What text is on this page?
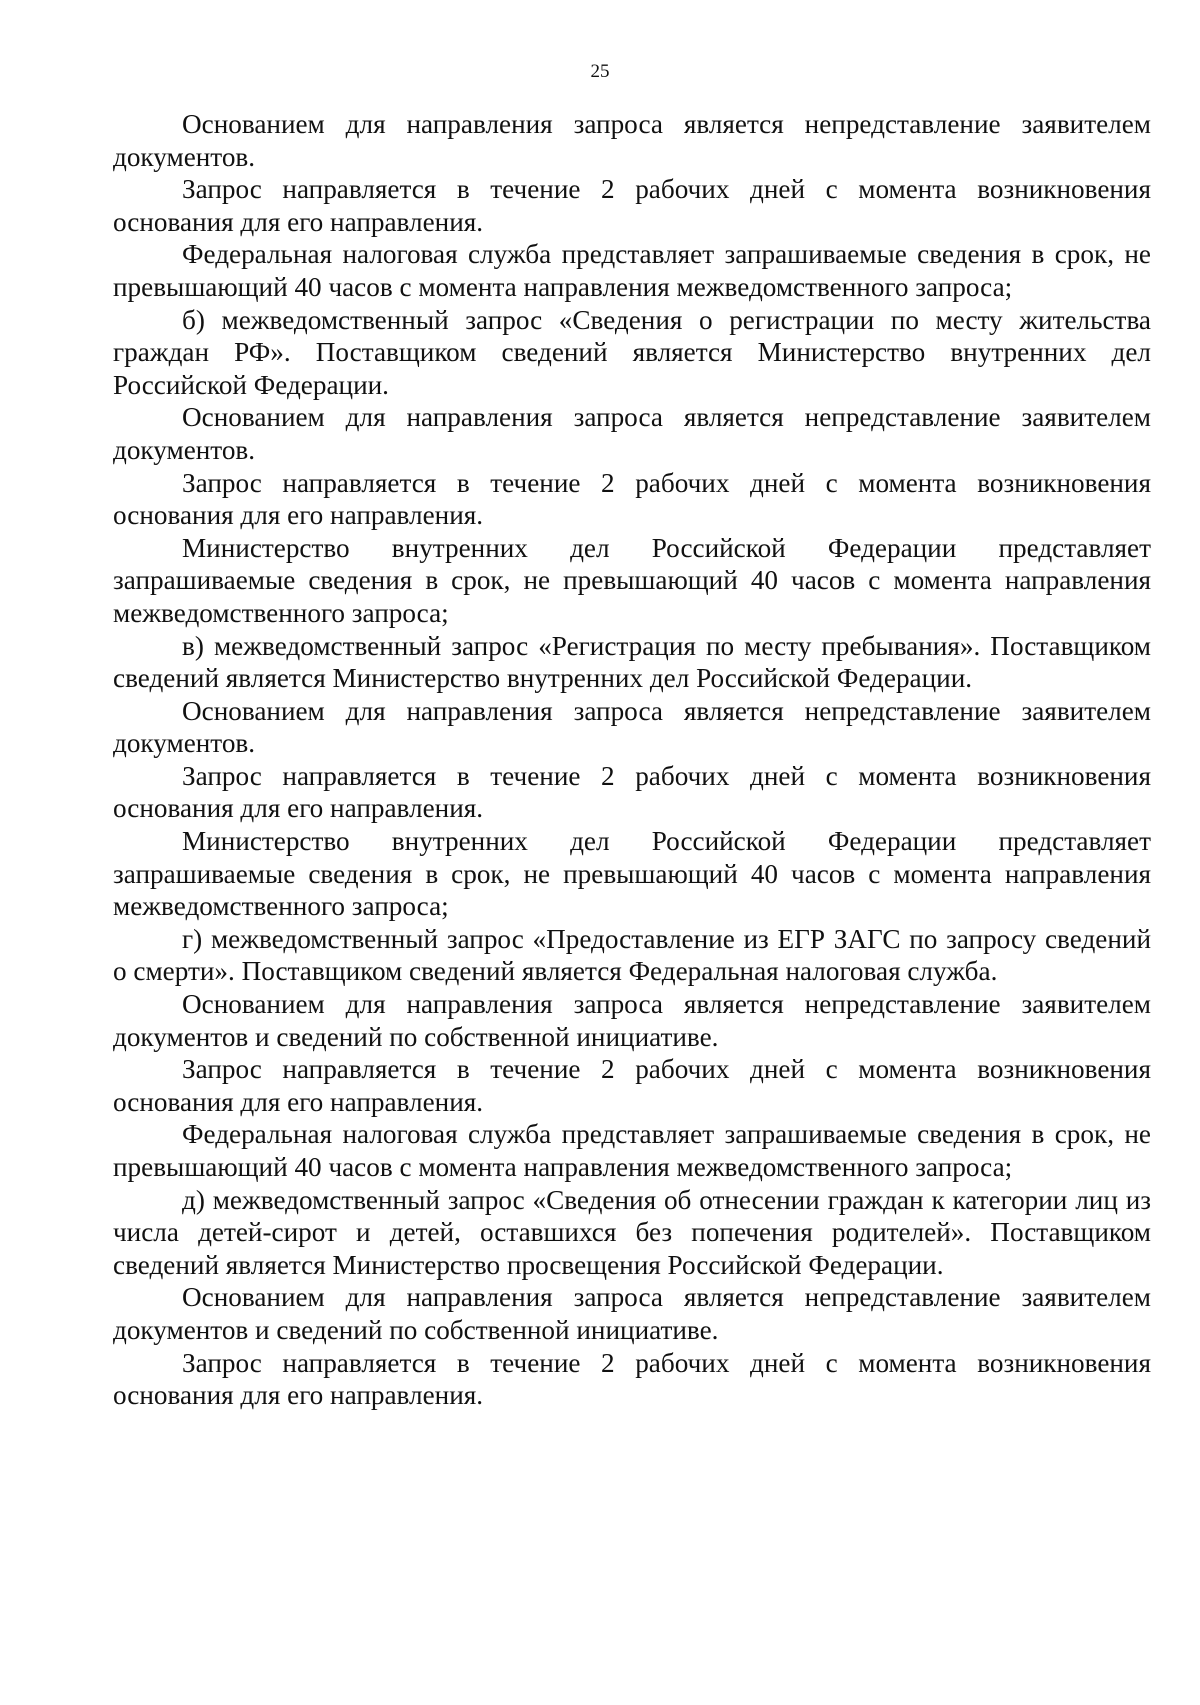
25

Основанием для направления запроса является непредставление заявителем документов.

Запрос направляется в течение 2 рабочих дней с момента возникновения основания для его направления.

Федеральная налоговая служба представляет запрашиваемые сведения в срок, не превышающий 40 часов с момента направления межведомственного запроса;

б) межведомственный запрос «Сведения о регистрации по месту жительства граждан РФ». Поставщиком сведений является Министерство внутренних дел Российской Федерации.

Основанием для направления запроса является непредставление заявителем документов.

Запрос направляется в течение 2 рабочих дней с момента возникновения основания для его направления.

Министерство внутренних дел Российской Федерации представляет запрашиваемые сведения в срок, не превышающий 40 часов с момента направления межведомственного запроса;

в) межведомственный запрос «Регистрация по месту пребывания». Поставщиком сведений является Министерство внутренних дел Российской Федерации.

Основанием для направления запроса является непредставление заявителем документов.

Запрос направляется в течение 2 рабочих дней с момента возникновения основания для его направления.

Министерство внутренних дел Российской Федерации представляет запрашиваемые сведения в срок, не превышающий 40 часов с момента направления межведомственного запроса;

г) межведомственный запрос «Предоставление из ЕГР ЗАГС по запросу сведений о смерти». Поставщиком сведений является Федеральная налоговая служба.

Основанием для направления запроса является непредставление заявителем документов и сведений по собственной инициативе.

Запрос направляется в течение 2 рабочих дней с момента возникновения основания для его направления.

Федеральная налоговая служба представляет запрашиваемые сведения в срок, не превышающий 40 часов с момента направления межведомственного запроса;

д) межведомственный запрос «Сведения об отнесении граждан к категории лиц из числа детей-сирот и детей, оставшихся без попечения родителей». Поставщиком сведений является Министерство просвещения Российской Федерации.

Основанием для направления запроса является непредставление заявителем документов и сведений по собственной инициативе.

Запрос направляется в течение 2 рабочих дней с момента возникновения основания для его направления.
